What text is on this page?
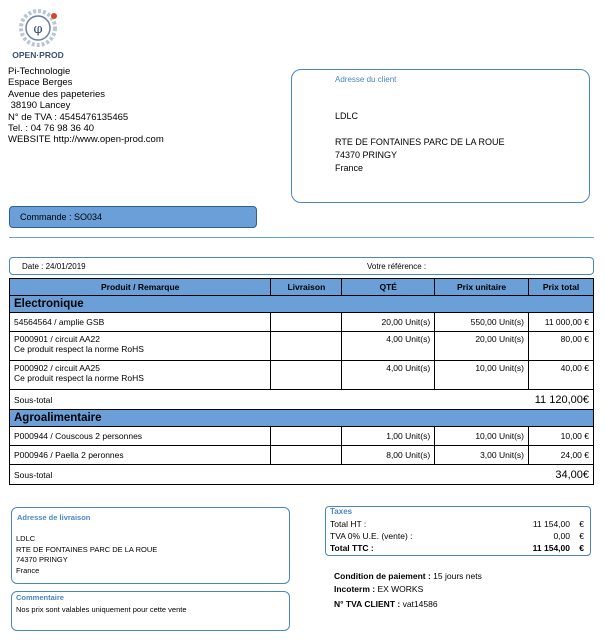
φ
OPEN·PROD
Pi-Technologie
Espace Berges
Avenue des papeteries
38190 Lancey
N° de TVA : 4545476135465
Tel. : 04 76 98 36 40
WEBSITE http://www.open-prod.com
Adresse du client
LDLC
RTE DE FONTAINES PARC DE LA ROUE
74370 PRINGY
France
Commande : SO034
Date : 24/01/2019	Votre référence :
Produit / Remarque	Livraison	QTÉ	Prix unitaire	Prix total
Electronique				

54564564 / amplie GSB		20,00 Unit(s)	550,00 Unit(s)	11 000,00 €

P000901 / circuit AA22
Ce produit respect la norme RoHS		4,00 Unit(s)	20,00 Unit(s)	80,00 €

P000902 / circuit AA25
Ce produit respect la norme RoHS		4,00 Unit(s)	10,00 Unit(s)	40,00 €
Sous-total				11 120,00€
Agroalimentaire				

P000944 / Couscous 2 personnes		1,00 Unit(s)	10,00 Unit(s)	10,00 €

P000946 / Paella 2 peronnes		8,00 Unit(s)	3,00 Unit(s)	24,00 €
Sous-total				34,00€
Adresse de livraison
LDLC
RTE DE FONTAINES PARC DE LA ROUE
74370 PRINGY
France
Commentaire
Nos prix sont valables uniquement pour cette vente
Taxes
Total HT :	11 154,00 €
TVA 0% U.E. (vente) :	0,00 €
Total TTC :	11 154,00 €
Condition de paiement : 15 jours nets
Incoterm : EX WORKS
N° TVA CLIENT : vat14586
